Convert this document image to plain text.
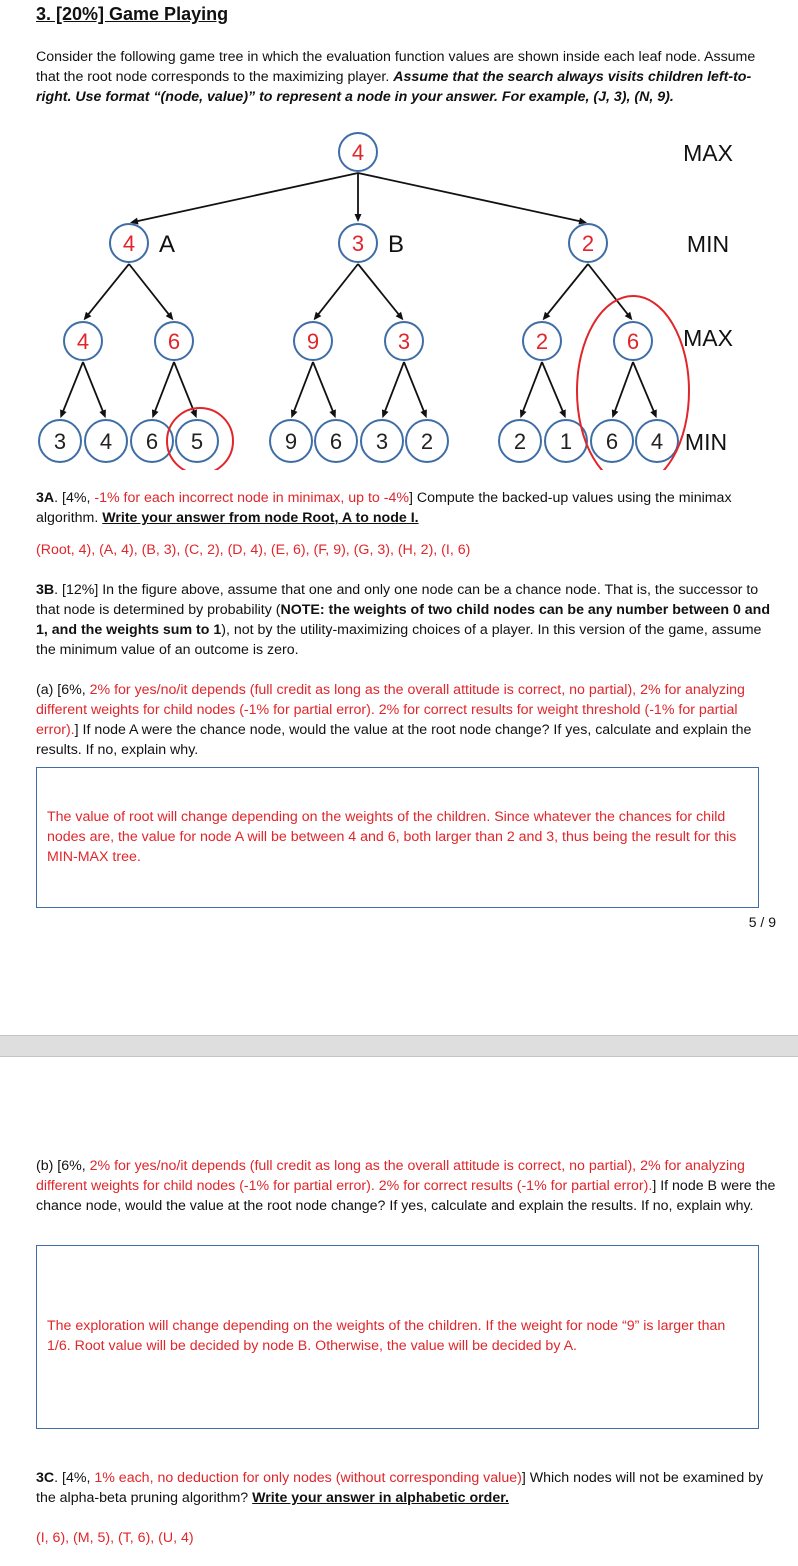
3. [20%] Game Playing
Consider the following game tree in which the evaluation function values are shown inside each leaf node. Assume that the root node corresponds to the maximizing player. Assume that the search always visits children left-to-right. Use format “(node, value)” to represent a node in your answer. For example, (J, 3), (N, 9).
4
4	3	2
4	6	9	3	2	6
3 4 6 5	9 6 3 2	2 1 6 4
A	B
MAX
MIN
MAX
MIN
3A. [4%, -1% for each incorrect node in minimax, up to -4%] Compute the backed-up values using the minimax algorithm. Write your answer from node Root, A to node I.
(Root, 4), (A, 4), (B, 3), (C, 2), (D, 4), (E, 6), (F, 9), (G, 3), (H, 2), (I, 6)
3B. [12%] In the figure above, assume that one and only one node can be a chance node. That is, the successor to that node is determined by probability (NOTE: the weights of two child nodes can be any number between 0 and 1, and the weights sum to 1), not by the utility-maximizing choices of a player. In this version of the game, assume the minimum value of an outcome is zero.
(a) [6%, 2% for yes/no/it depends (full credit as long as the overall attitude is correct, no partial), 2% for analyzing different weights for child nodes (-1% for partial error). 2% for correct results for weight threshold (-1% for partial error).] If node A were the chance node, would the value at the root node change? If yes, calculate and explain the results. If no, explain why.
The value of root will change depending on the weights of the children. Since whatever the chances for child nodes are, the value for node A will be between 4 and 6, both larger than 2 and 3, thus being the result for this MIN-MAX tree.
5 / 9
(b) [6%, 2% for yes/no/it depends (full credit as long as the overall attitude is correct, no partial), 2% for analyzing different weights for child nodes (-1% for partial error). 2% for correct results (-1% for partial error).] If node B were the chance node, would the value at the root node change? If yes, calculate and explain the results. If no, explain why.
The exploration will change depending on the weights of the children. If the weight for node “9” is larger than 1/6. Root value will be decided by node B. Otherwise, the value will be decided by A.
3C. [4%, 1% each, no deduction for only nodes (without corresponding value)] Which nodes will not be examined by the alpha-beta pruning algorithm? Write your answer in alphabetic order.
(I, 6), (M, 5), (T, 6), (U, 4)
